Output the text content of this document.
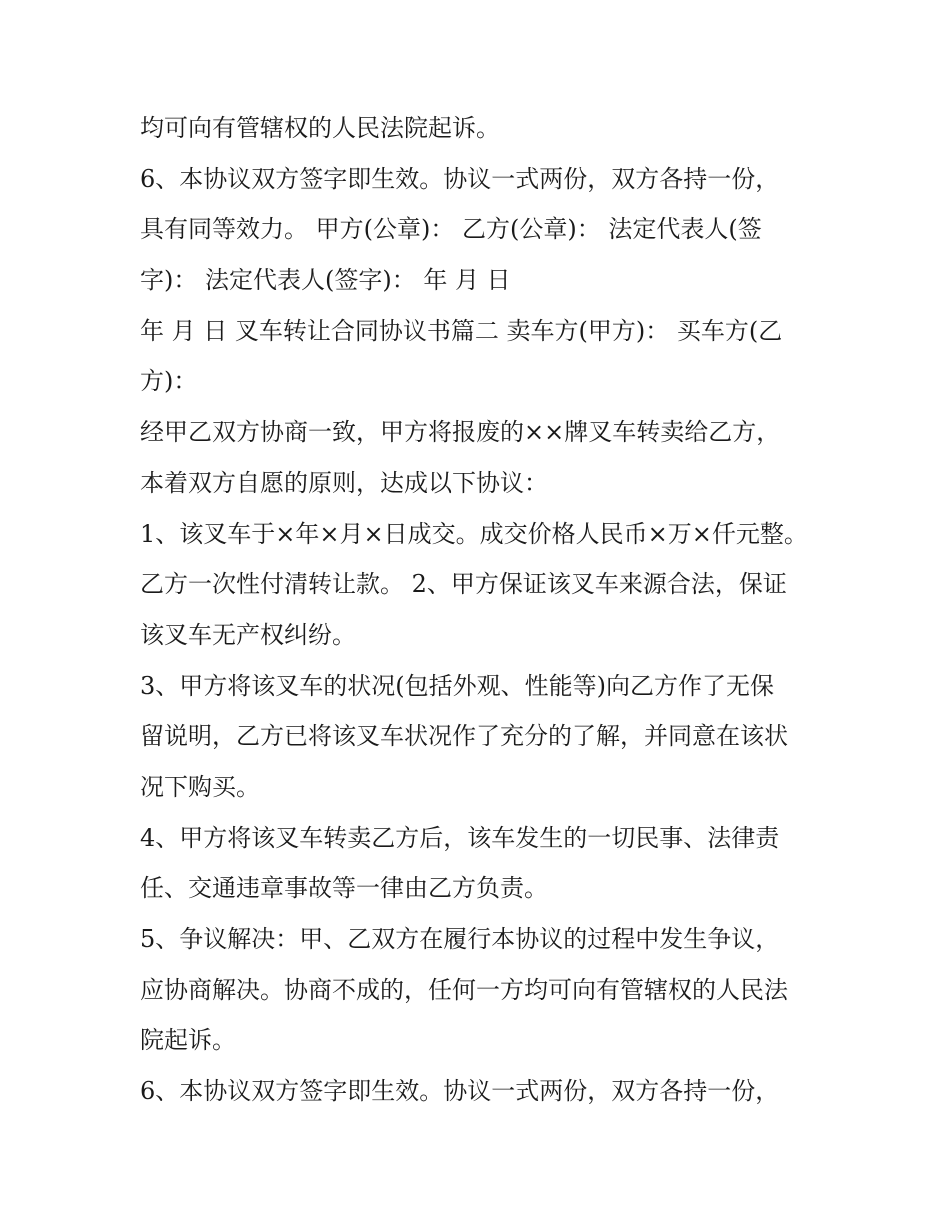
均可向有管辖权的人民法院起诉。
6、本协议双方签字即生效。协议一式两份，双方各持一份，
具有同等效力。 甲方(公章)： 乙方(公章)： 法定代表人(签
字)： 法定代表人(签字)： 年 月 日
年 月 日 叉车转让合同协议书篇二 卖车方(甲方)： 买车方(乙
方)：
经甲乙双方协商一致，甲方将报废的××牌叉车转卖给乙方，
本着双方自愿的原则，达成以下协议：
1、该叉车于×年×月×日成交。成交价格人民币×万×仟元整。
乙方一次性付清转让款。 2、甲方保证该叉车来源合法，保证
该叉车无产权纠纷。
3、甲方将该叉车的状况(包括外观、性能等)向乙方作了无保
留说明，乙方已将该叉车状况作了充分的了解，并同意在该状
况下购买。
4、甲方将该叉车转卖乙方后，该车发生的一切民事、法律责
任、交通违章事故等一律由乙方负责。
5、争议解决：甲、乙双方在履行本协议的过程中发生争议，
应协商解决。协商不成的，任何一方均可向有管辖权的人民法
院起诉。
6、本协议双方签字即生效。协议一式两份，双方各持一份，
